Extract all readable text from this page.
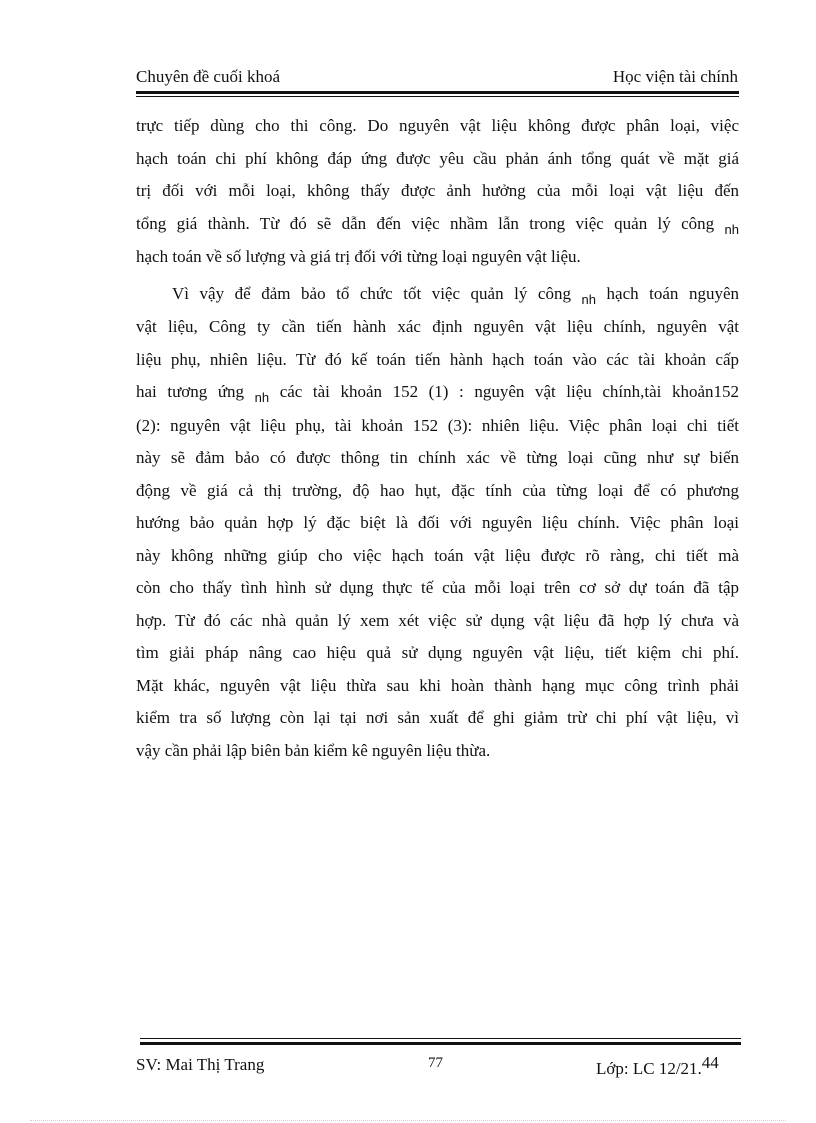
Chuyên đề cuối khoá	Học viện tài chính

trực tiếp dùng cho thi công. Do nguyên vật liệu không được phân loại, việc
hạch toán chi phí không đáp ứng được yêu cầu phản ánh tổng quát về mặt giá
trị đối với mỗi loại, không thấy được ảnh hưởng của mỗi loại vật liệu đến
tổng giá thành. Từ đó sẽ dẫn đến việc nhầm lẫn trong việc quản lý công $_{nh}$
hạch toán về số lượng và giá trị đối với từng loại nguyên vật liệu.

Vì vậy để đảm bảo tổ chức tốt việc quản lý công $_{nh}$ hạch toán nguyên
vật liệu, Công ty cần tiến hành xác định nguyên vật liệu chính, nguyên vật
liệu phụ, nhiên liệu. Từ đó kế toán tiến hành hạch toán vào các tài khoản cấp
hai tương ứng $_{nh}$ các tài khoản 152 (1) : nguyên vật liệu chính,tài khoản152
(2): nguyên vật liệu phụ, tài khoản 152 (3): nhiên liệu. Việc phân loại chi tiết
này sẽ đảm bảo có được thông tin chính xác về từng loại cũng như sự biến
động về giá cả thị trường, độ hao hụt, đặc tính của từng loại để có phương
hướng bảo quản hợp lý đặc biệt là đối với nguyên liệu chính. Việc phân loại
này không những giúp cho việc hạch toán vật liệu được rõ ràng, chi tiết mà
còn cho thấy tình hình sử dụng thực tế của mỗi loại trên cơ sở dự toán đã tập
hợp. Từ đó các nhà quản lý xem xét việc sử dụng vật liệu đã hợp lý chưa và
tìm giải pháp nâng cao hiệu quả sử dụng nguyên vật liệu, tiết kiệm chi phí.
Mặt khác, nguyên vật liệu thừa sau khi hoàn thành hạng mục công trình phải
kiểm tra số lượng còn lại tại nơi sản xuất để ghi giảm trừ chi phí vật liệu, vì
vậy cần phải lập biên bản kiểm kê nguyên liệu thừa.

SV: Mai Thị Trang	77	Lớp: LC 12/21.44
